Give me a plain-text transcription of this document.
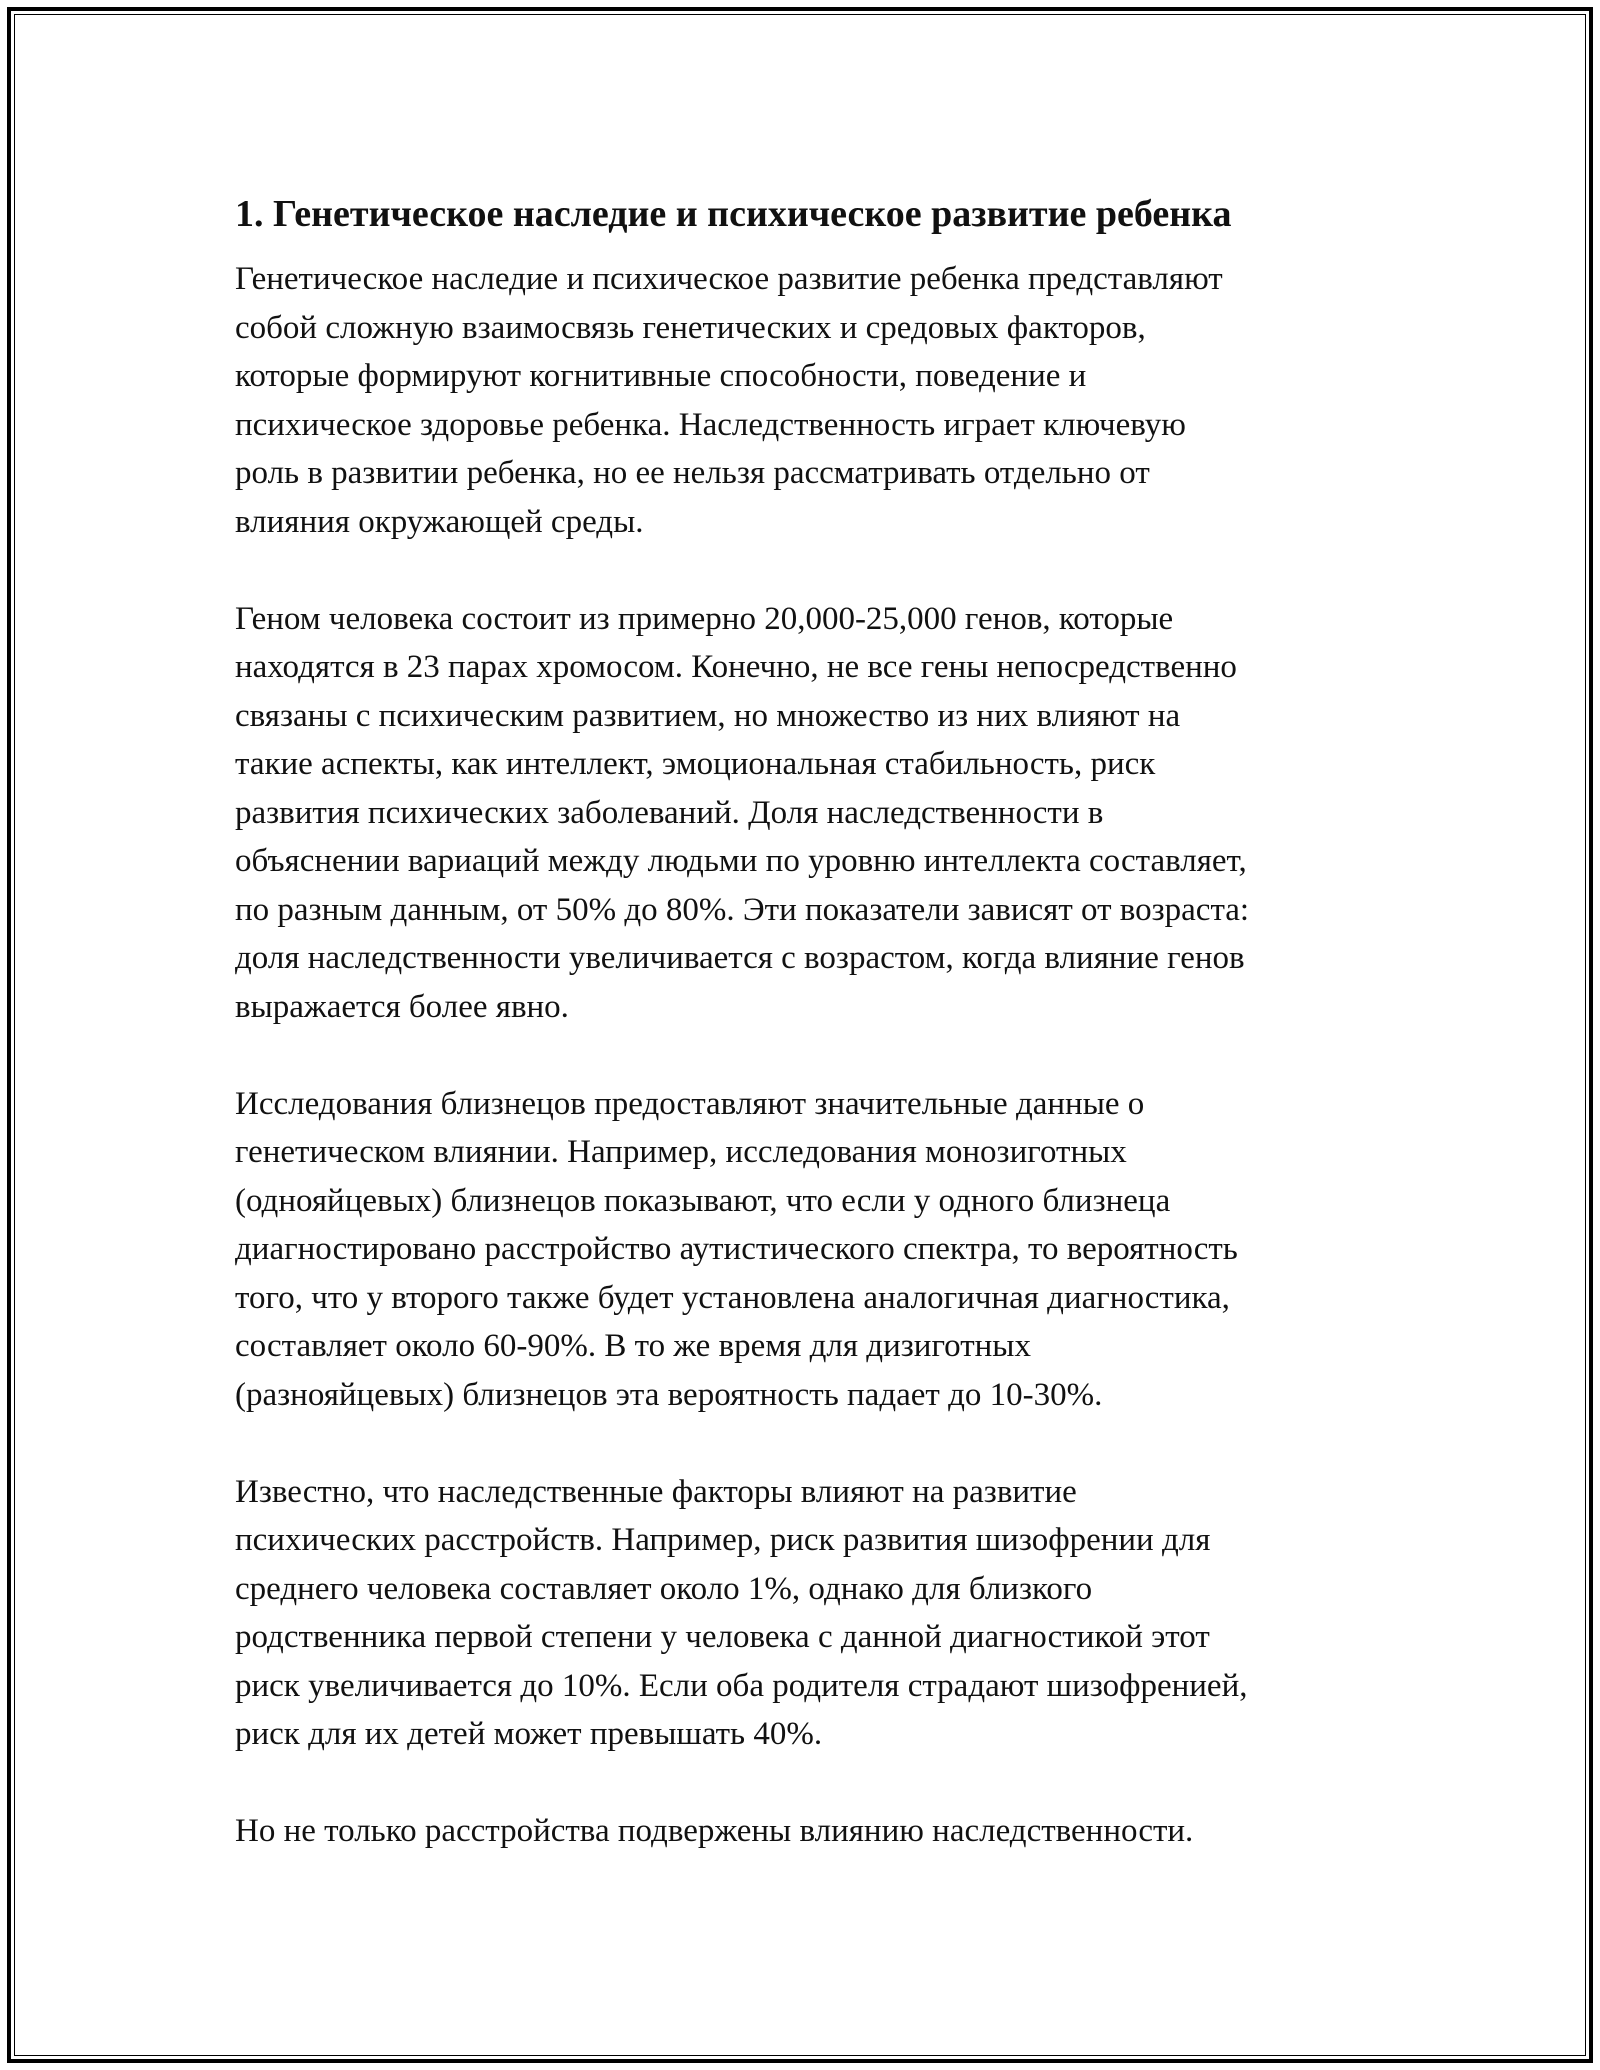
1. Генетическое наследие и психическое развитие ребенка

Генетическое наследие и психическое развитие ребенка представляют
собой сложную взаимосвязь генетических и средовых факторов,
которые формируют когнитивные способности, поведение и
психическое здоровье ребенка. Наследственность играет ключевую
роль в развитии ребенка, но ее нельзя рассматривать отдельно от
влияния окружающей среды.

Геном человека состоит из примерно 20,000-25,000 генов, которые
находятся в 23 парах хромосом. Конечно, не все гены непосредственно
связаны с психическим развитием, но множество из них влияют на
такие аспекты, как интеллект, эмоциональная стабильность, риск
развития психических заболеваний. Доля наследственности в
объяснении вариаций между людьми по уровню интеллекта составляет,
по разным данным, от 50% до 80%. Эти показатели зависят от возраста:
доля наследственности увеличивается с возрастом, когда влияние генов
выражается более явно.

Исследования близнецов предоставляют значительные данные о
генетическом влиянии. Например, исследования монозиготных
(однояйцевых) близнецов показывают, что если у одного близнеца
диагностировано расстройство аутистического спектра, то вероятность
того, что у второго также будет установлена аналогичная диагностика,
составляет около 60-90%. В то же время для дизиготных
(разнояйцевых) близнецов эта вероятность падает до 10-30%.

Известно, что наследственные факторы влияют на развитие
психических расстройств. Например, риск развития шизофрении для
среднего человека составляет около 1%, однако для близкого
родственника первой степени у человека с данной диагностикой этот
риск увеличивается до 10%. Если оба родителя страдают шизофренией,
риск для их детей может превышать 40%.

Но не только расстройства подвержены влиянию наследственности.
